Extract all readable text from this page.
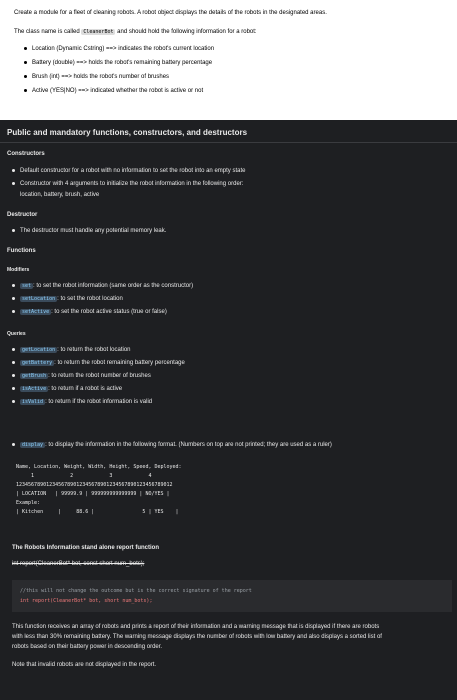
Create a module for a fleet of cleaning robots. A robot object displays the details of the robots in the designated areas.
The class name is called CleanerBot and should hold the following information for a robot:
Location (Dynamic Cstring) ==> indicates the robot's current location
Battery (double) ==> holds the robot's remaining battery percentage
Brush (int) ==> holds the robot's number of brushes
Active (YES|NO) ==> indicated whether the robot is active or not
Public and mandatory functions, constructors, and destructors
Constructors
Default constructor for a robot with no information to set the robot into an empty state
Constructor with 4 arguments to initialize the robot information in the following order:
location, battery, brush, active
Destructor
The destructor must handle any potential memory leak.
Functions
Modifiers
set : to set the robot information (same order as the constructor)
setLocation : to set the robot location
setActive : to set the robot active status (true or false)
Queries
getLocation : to return the robot location
getBattery : to return the robot remaining battery percentage
getBrush : to return the robot number of brushes
isActive : to return if a robot is active
isValid : to return if the robot information is valid
display : to display the information in the following format. (Numbers on top are not printed; they are used as a ruler)
Name, Location, Weight, Width, Height, Speed, Deployed:
1            2            3            4
1234567890123456789012345678901234567890123456789012
| LOCATION   | 99999.9 | 999999999999999 | NO/YES |
Example:
| Kitchen     |     88.6 |                5 | YES    |
The Robots Information stand alone report function
int report(CleanerBot* bot, const short num_bots);
//this will not change the outcome but is the correct signature of the report
int report(CleanerBot* bot, short num_bots);
This function receives an array of robots and prints a report of their information and a warning message that is displayed if there are robots
with less than 30% remaining battery. The warning message displays the number of robots with low battery and also displays a sorted list of
robots based on their battery power in descending order.
Note that invalid robots are not displayed in the report.
